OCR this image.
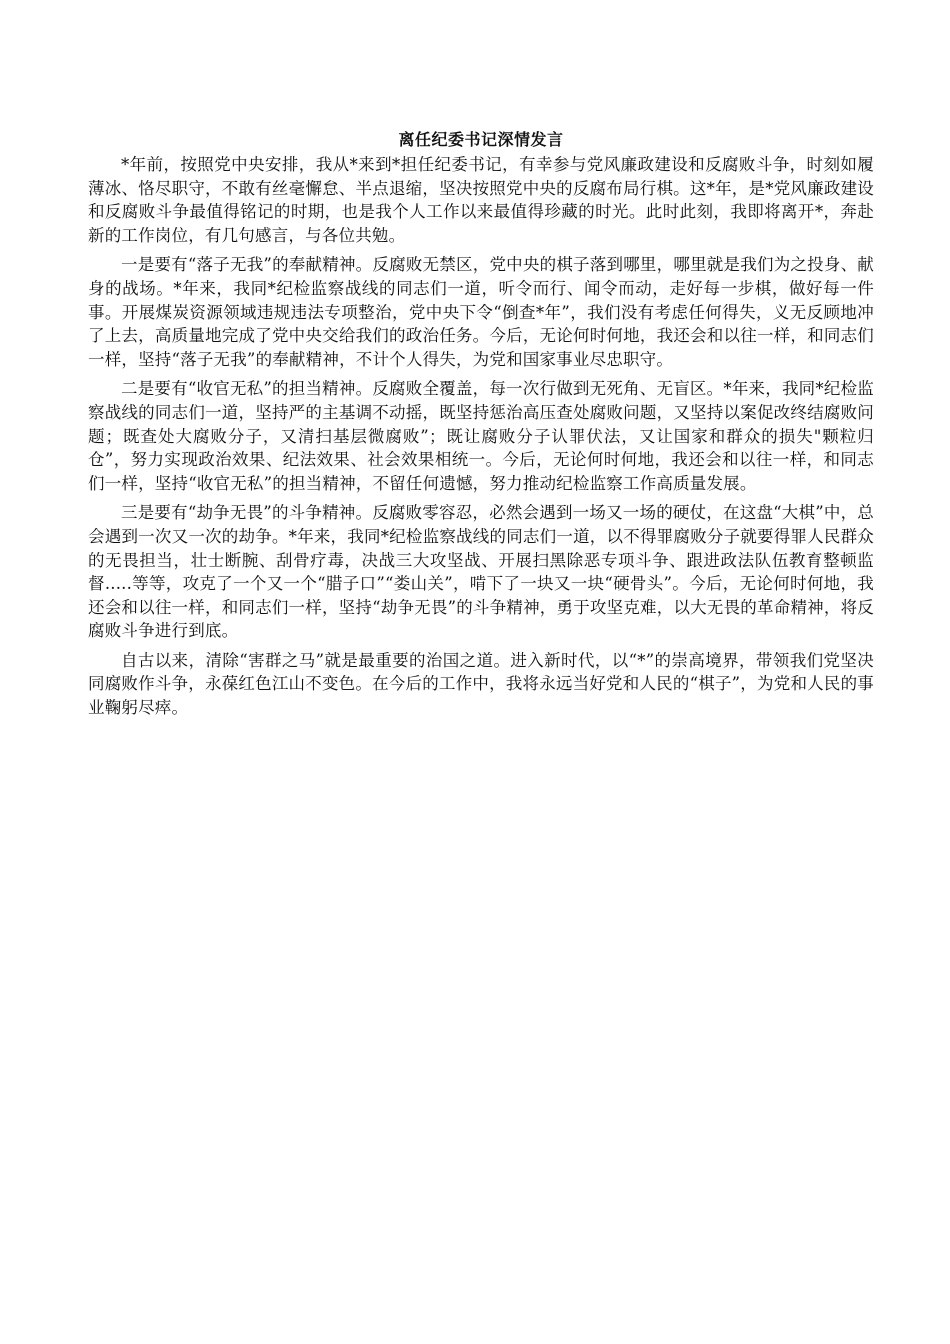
离任纪委书记深情发言

*年前，按照党中央安排，我从*来到*担任纪委书记，有幸参与党风廉政建设和反腐败斗争，时刻如履薄冰、恪尽职守，不敢有丝毫懈怠、半点退缩，坚决按照党中央的反腐布局行棋。这*年，是*党风廉政建设和反腐败斗争最值得铭记的时期，也是我个人工作以来最值得珍藏的时光。此时此刻，我即将离开*，奔赴新的工作岗位，有几句感言，与各位共勉。

一是要有“落子无我”的奉献精神。反腐败无禁区，党中央的棋子落到哪里，哪里就是我们为之投身、献身的战场。*年来，我同*纪检监察战线的同志们一道，听令而行、闻令而动，走好每一步棋，做好每一件事。开展煤炭资源领域违规违法专项整治，党中央下令“倒查*年”，我们没有考虑任何得失，义无反顾地冲了上去，高质量地完成了党中央交给我们的政治任务。今后，无论何时何地，我还会和以往一样，和同志们一样，坚持“落子无我”的奉献精神，不计个人得失，为党和国家事业尽忠职守。

二是要有“收官无私”的担当精神。反腐败全覆盖，每一次行做到无死角、无盲区。*年来，我同*纪检监察战线的同志们一道，坚持严的主基调不动摇，既坚持惩治高压查处腐败问题，又坚持以案促改终结腐败问题；既查处大腐败分子，又清扫基层微腐败”；既让腐败分子认罪伏法，又让国家和群众的损失"颗粒归仓”，努力实现政治效果、纪法效果、社会效果相统一。今后，无论何时何地，我还会和以往一样，和同志们一样，坚持“收官无私”的担当精神，不留任何遗憾，努力推动纪检监察工作高质量发展。

三是要有“劫争无畏”的斗争精神。反腐败零容忍，必然会遇到一场又一场的硬仗，在这盘“大棋”中，总会遇到一次又一次的劫争。*年来，我同*纪检监察战线的同志们一道，以不得罪腐败分子就要得罪人民群众的无畏担当，壮士断腕、刮骨疗毒，决战三大攻坚战、开展扫黑除恶专项斗争、跟进政法队伍教育整顿监督.....等等，攻克了一个又一个“腊子口”“娄山关”，啃下了一块又一块“硬骨头”。今后，无论何时何地，我还会和以往一样，和同志们一样，坚持“劫争无畏”的斗争精神，勇于攻坚克难，以大无畏的革命精神，将反腐败斗争进行到底。

自古以来，清除“害群之马”就是最重要的治国之道。进入新时代，以“*”的崇高境界，带领我们党坚决同腐败作斗争，永葆红色江山不变色。在今后的工作中，我将永远当好党和人民的“棋子”，为党和人民的事业鞠躬尽瘁。
